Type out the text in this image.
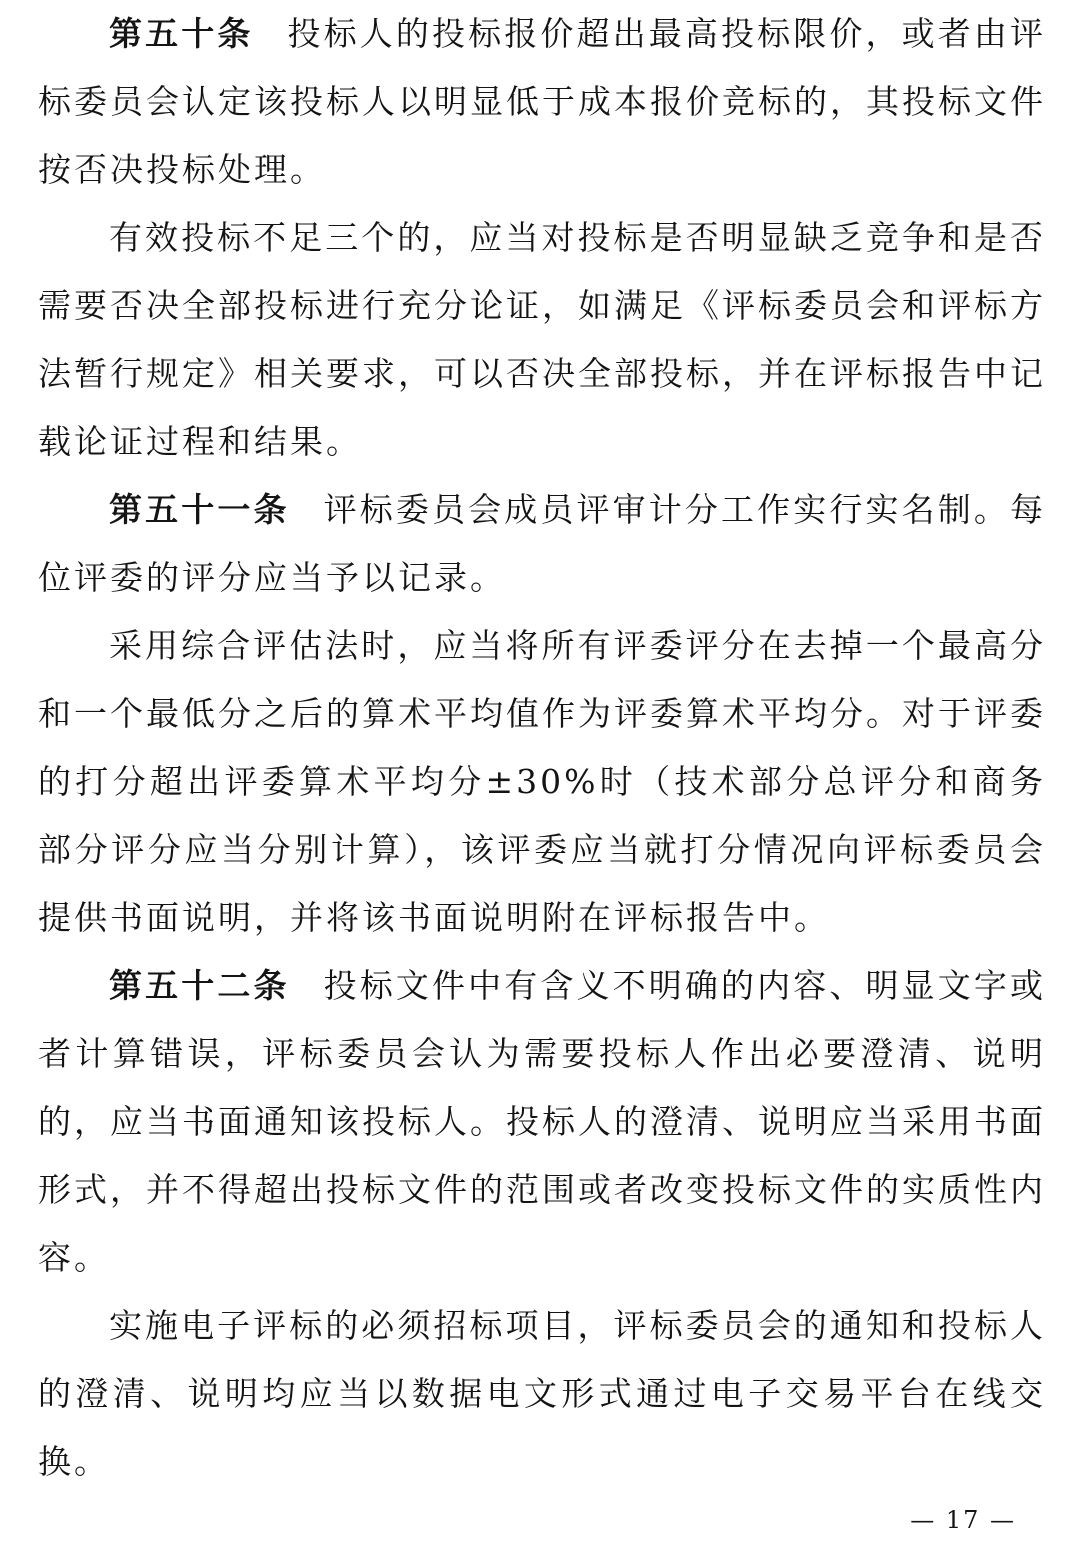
第五十条 投标人的投标报价超出最高投标限价，或者由评标委员会认定该投标人以明显低于成本报价竞标的，其投标文件按否决投标处理。

有效投标不足三个的，应当对投标是否明显缺乏竞争和是否需要否决全部投标进行充分论证，如满足《评标委员会和评标方法暂行规定》相关要求，可以否决全部投标，并在评标报告中记载论证过程和结果。

第五十一条 评标委员会成员评审计分工作实行实名制。每位评委的评分应当予以记录。

采用综合评估法时，应当将所有评委评分在去掉一个最高分和一个最低分之后的算术平均值作为评委算术平均分。对于评委的打分超出评委算术平均分±30%时（技术部分总评分和商务部分评分应当分别计算），该评委应当就打分情况向评标委员会提供书面说明，并将该书面说明附在评标报告中。

第五十二条 投标文件中有含义不明确的内容、明显文字或者计算错误，评标委员会认为需要投标人作出必要澄清、说明的，应当书面通知该投标人。投标人的澄清、说明应当采用书面形式，并不得超出投标文件的范围或者改变投标文件的实质性内容。

实施电子评标的必须招标项目，评标委员会的通知和投标人的澄清、说明均应当以数据电文形式通过电子交易平台在线交换。

— 17 —
